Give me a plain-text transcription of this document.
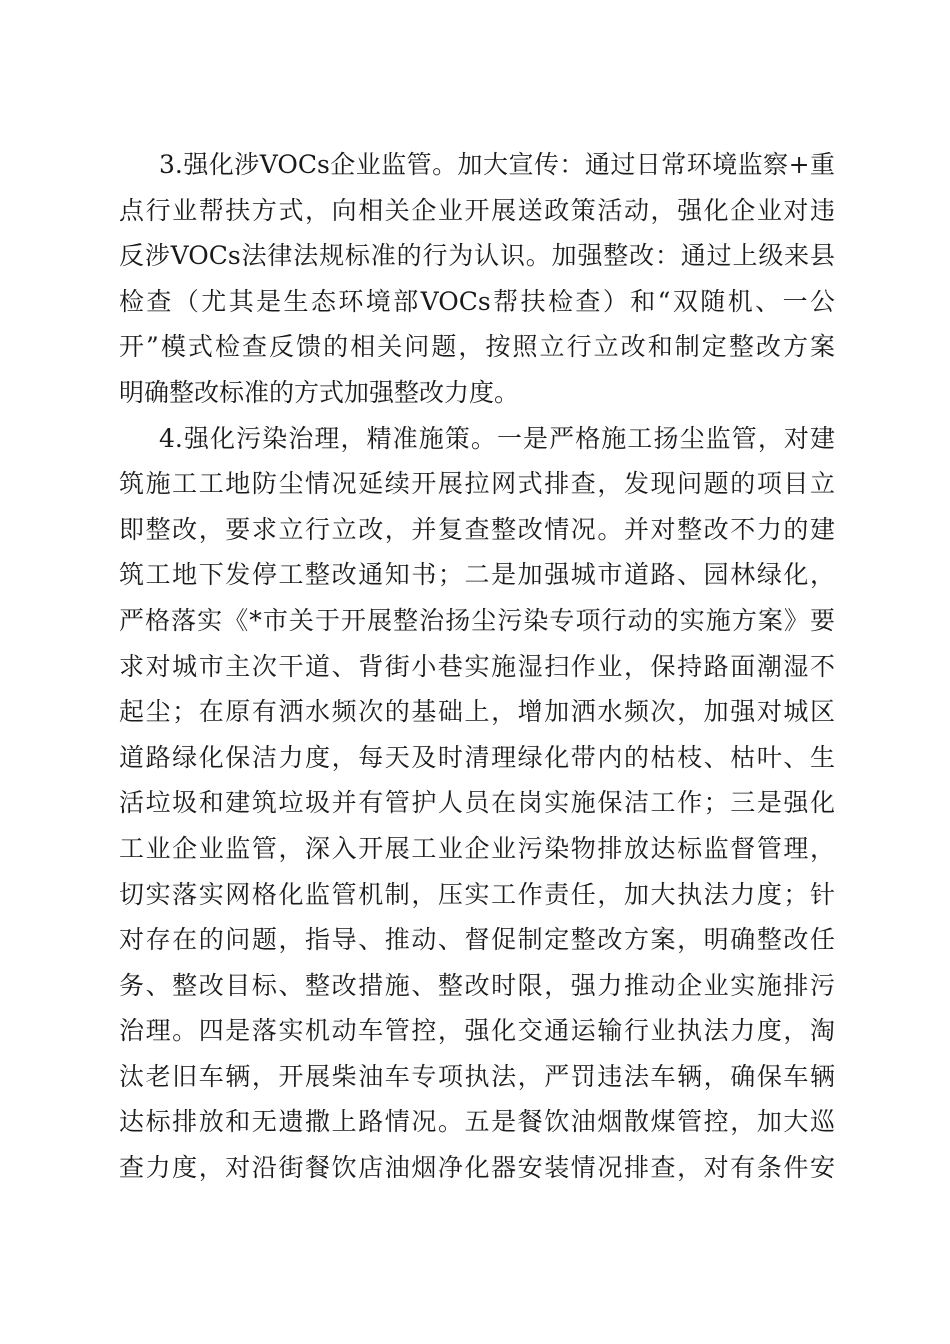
3.强化涉VOCs企业监管。加大宣传：通过日常环境监察+重
点行业帮扶方式，向相关企业开展送政策活动，强化企业对违
反涉VOCs法律法规标准的行为认识。加强整改：通过上级来县
检查（尤其是生态环境部VOCs帮扶检查）和“双随机、一公
开”模式检查反馈的相关问题，按照立行立改和制定整改方案
明确整改标准的方式加强整改力度。
4.强化污染治理，精准施策。一是严格施工扬尘监管，对建
筑施工工地防尘情况延续开展拉网式排查，发现问题的项目立
即整改，要求立行立改，并复查整改情况。并对整改不力的建
筑工地下发停工整改通知书；二是加强城市道路、园林绿化，
严格落实《*市关于开展整治扬尘污染专项行动的实施方案》要
求对城市主次干道、背街小巷实施湿扫作业，保持路面潮湿不
起尘；在原有洒水频次的基础上，增加洒水频次，加强对城区
道路绿化保洁力度，每天及时清理绿化带内的枯枝、枯叶、生
活垃圾和建筑垃圾并有管护人员在岗实施保洁工作；三是强化
工业企业监管，深入开展工业企业污染物排放达标监督管理，
切实落实网格化监管机制，压实工作责任，加大执法力度；针
对存在的问题，指导、推动、督促制定整改方案，明确整改任
务、整改目标、整改措施、整改时限，强力推动企业实施排污
治理。四是落实机动车管控，强化交通运输行业执法力度，淘
汰老旧车辆，开展柴油车专项执法，严罚违法车辆，确保车辆
达标排放和无遗撒上路情况。五是餐饮油烟散煤管控，加大巡
查力度，对沿街餐饮店油烟净化器安装情况排查，对有条件安
